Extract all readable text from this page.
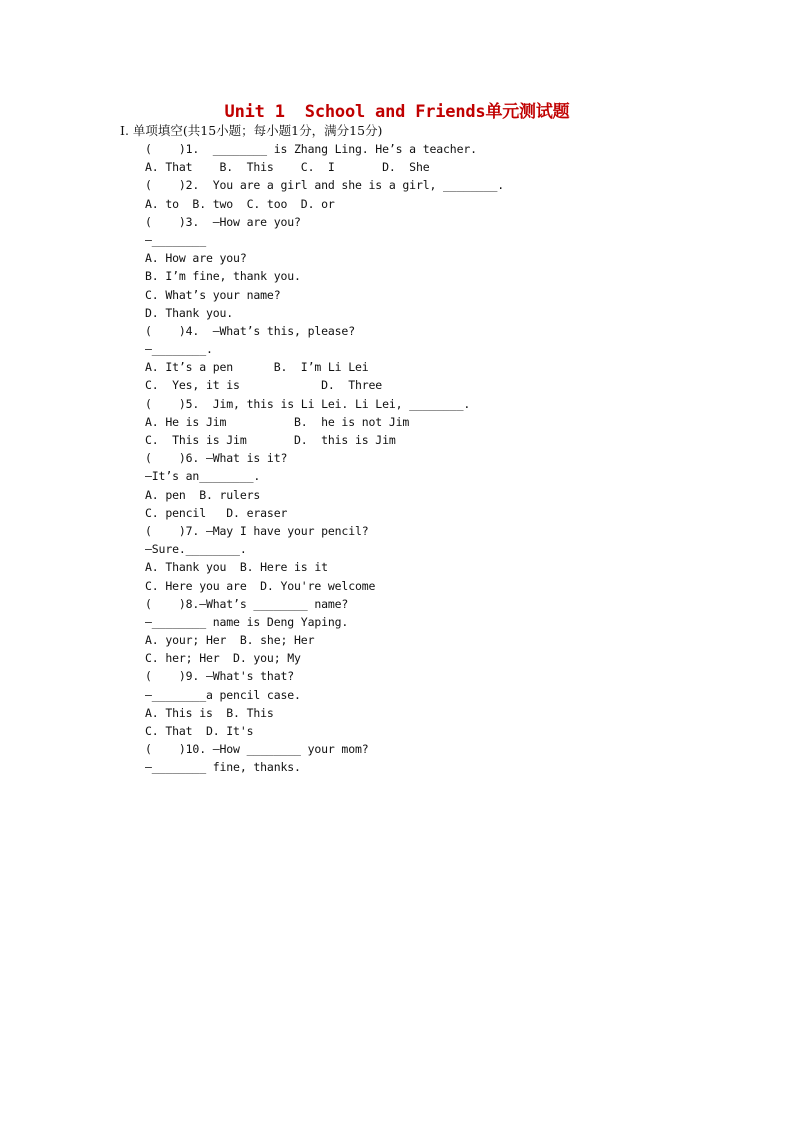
Unit 1  School and Friends单元测试题
Ⅰ. 单项填空(共15小题；每小题1分，满分15分)
(    )1.  ________ is Zhang Ling. He’s a teacher.
A. That    B.  This    C.  I       D.  She
(    )2.  You are a girl and she is a girl, ________.
A. to  B. two  C. too  D. or
(    )3.  —How are you?
—________
A. How are you?
B. I’m fine, thank you.
C. What’s your name?
D. Thank you.
(    )4.  —What’s this, please?
—________.
A. It’s a pen      B.  I’m Li Lei
C.  Yes, it is            D.  Three
(    )5.  Jim, this is Li Lei. Li Lei, ________.
A. He is Jim          B.  he is not Jim
C.  This is Jim       D.  this is Jim
(    )6. —What is it?
—It’s an________.
A. pen  B. rulers
C. pencil   D. eraser
(    )7. —May I have your pencil?
—Sure.________.
A. Thank you  B. Here is it
C. Here you are  D. You're welcome
(    )8.—What’s ________ name?
—________ name is Deng Yaping.
A. your; Her  B. she; Her
C. her; Her  D. you; My
(    )9. —What's that?
—________a pencil case.
A. This is  B. This
C. That  D. It's
(    )10. —How ________ your mom?
—________ fine, thanks.
